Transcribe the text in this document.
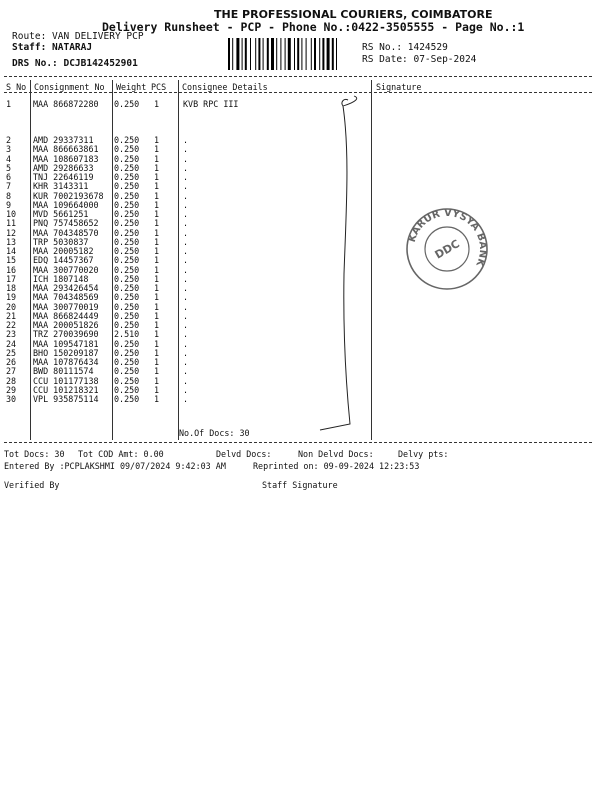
THE PROFESSIONAL COURIERS, COIMBATORE
Delivery Runsheet - PCP - Phone No.:0422-3505555 - Page No.:1
Route: VAN DELIVERY PCP
Staff: NATARAJ
DRS No.: DCJB142452901
RS No.: 1424529
RS Date: 07-Sep-2024
S No Consignment No Weight PCS Consignee Details	Signature
1	MAA 866872280 0.250 1	KVB RPC III
2	AMD 29337311 0.250 1	.
3	MAA 866663861 0.250 1	.
4	MAA 108607183 0.250 1	.
5	AMD 29286633 0.250 1	.
6	TNJ 22646119 0.250 1	.
7	KHR 3143311	0.250 1	.
8	KUR 7002193678 0.250 1	.
9	MAA 109664000 0.250 1	.
10 MVD 5661251	0.250 1	.
11 PNQ 757458652 0.250 1	.
12 MAA 704348570 0.250 1	.
13 TRP 5030837	0.250 1	.
14 MAA 20005182 0.250 1	.
15 EDQ 14457367 0.250 1	.
16 MAA 300770020 0.250 1	.
17 ICH 1807148	0.250 1	.
18 MAA 293426454 0.250 1	.
19 MAA 704348569 0.250 1	.
20 MAA 300770019 0.250 1	.
21 MAA 866824449 0.250 1	.
22 MAA 200051826 0.250 1	.
23 TRZ 270039690 2.510 1	.
24 MAA 109547181 0.250 1	.
25 BHO 150209187 0.250 1	.
26 MAA 107876434 0.250 1	.
27 BWD 80111574 0.250 1	.
28 CCU 101177138 0.250 1	.
29 CCU 101218321 0.250 1	.
30 VPL 935875114 0.250 1	.
No.Of Docs: 30
KARUR VYSYA BANK
DDC
Tot Docs: 30 Tot COD Amt: 0.00	Delvd Docs:	Non Delvd Docs:	Delvy pts:
Entered By :PCPLAKSHMI 09/07/2024 9:42:03 AM	Reprinted on: 09-09-2024 12:23:53
Verified By	Staff Signature
